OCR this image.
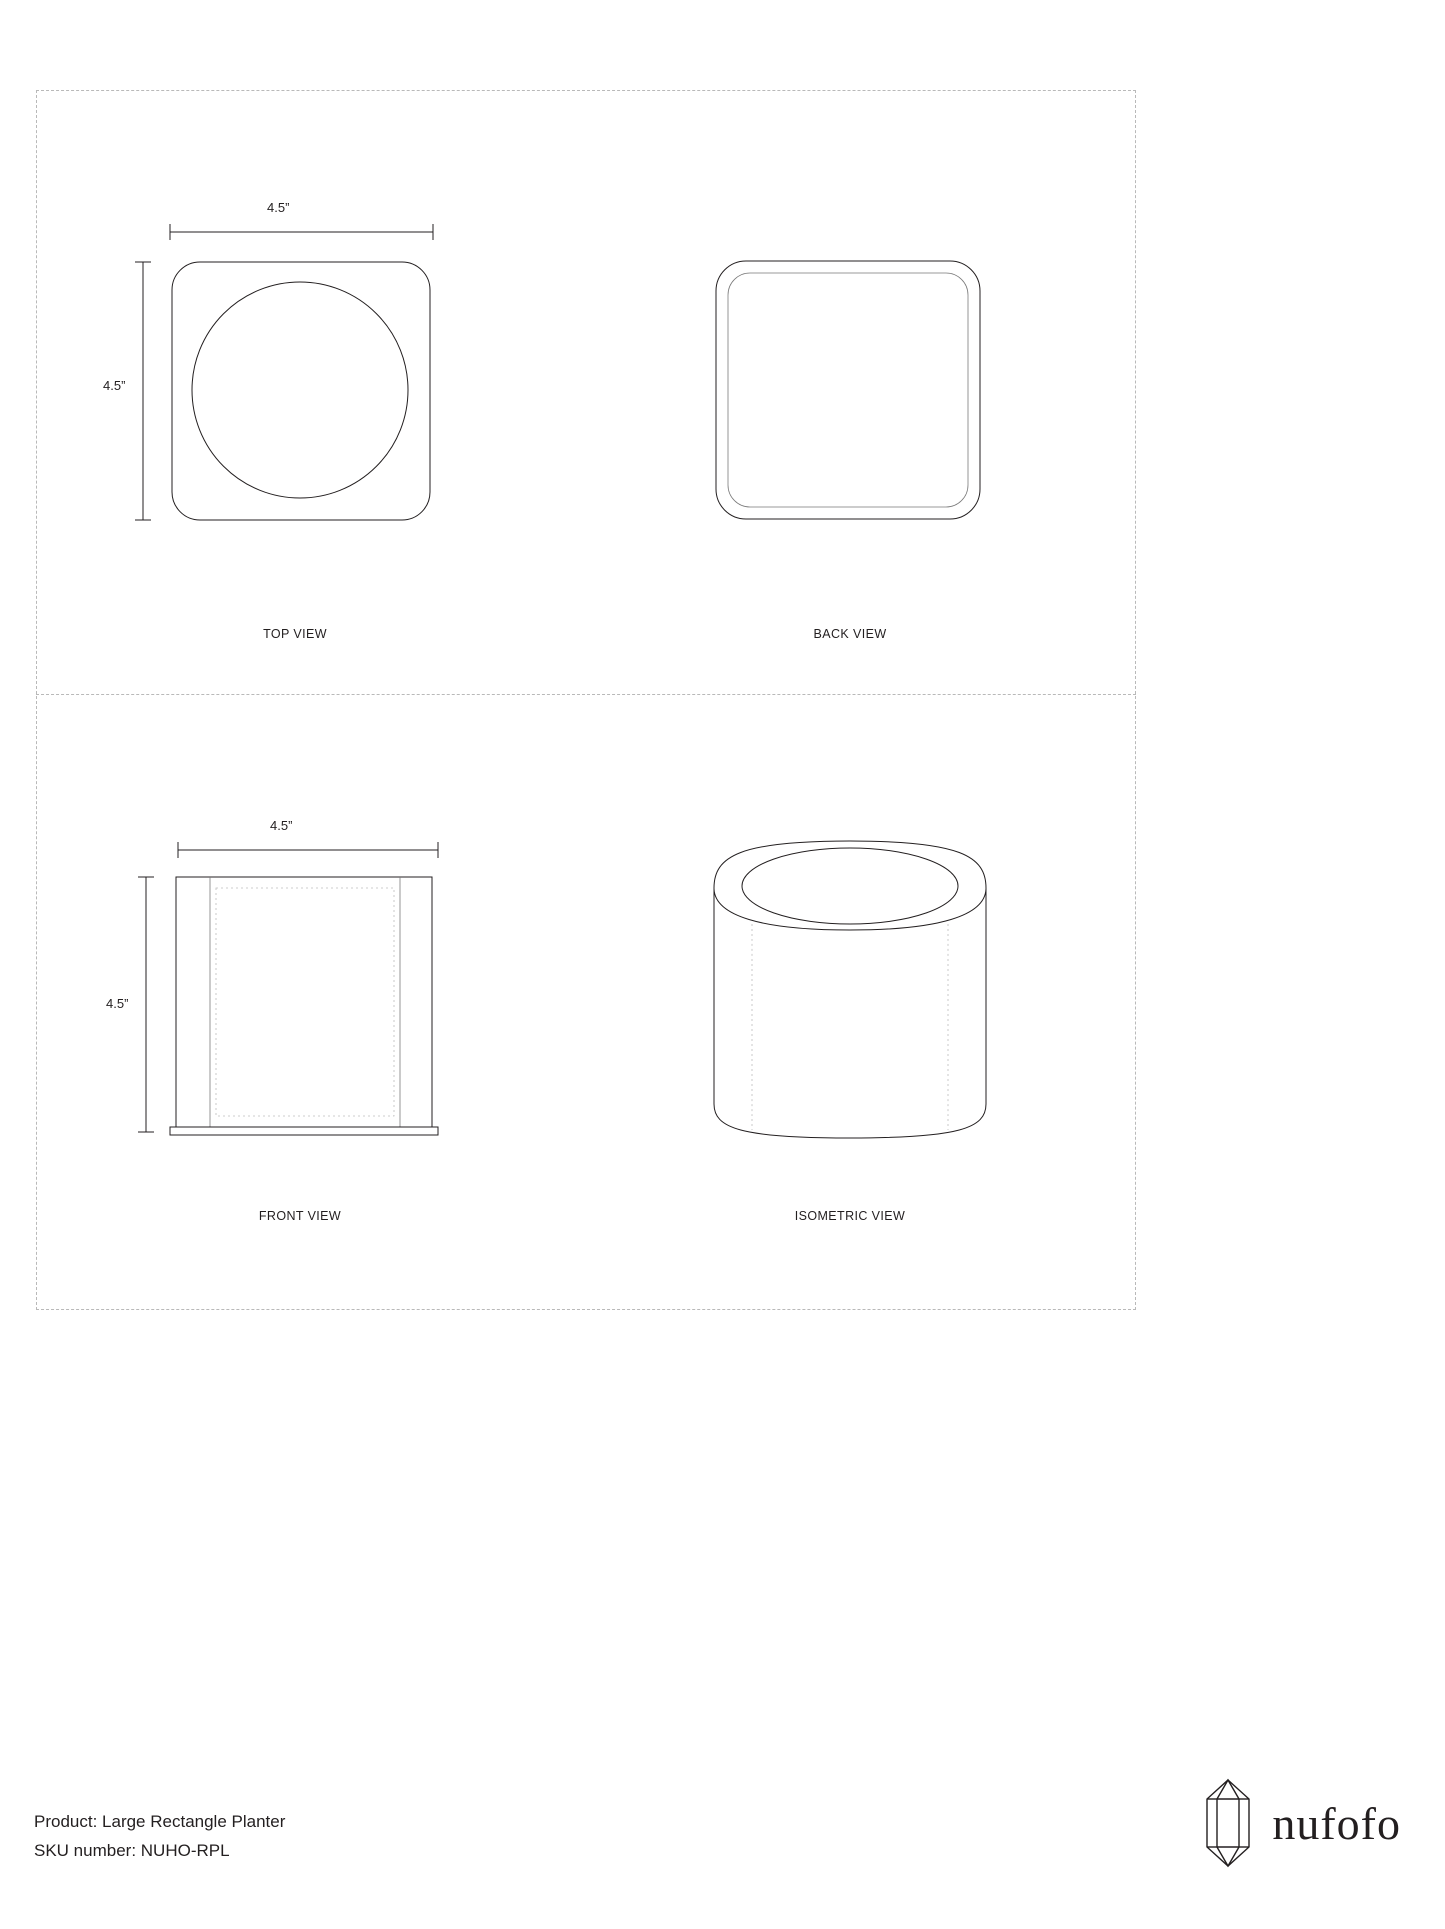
4.5”
4.5”
TOP VIEW	BACK VIEW
4.5”
4.5”
FRONT VIEW	ISOMETRIC VIEW
Product: Large Rectangle Planter
SKU number: NUHO-RPL
nufofo
